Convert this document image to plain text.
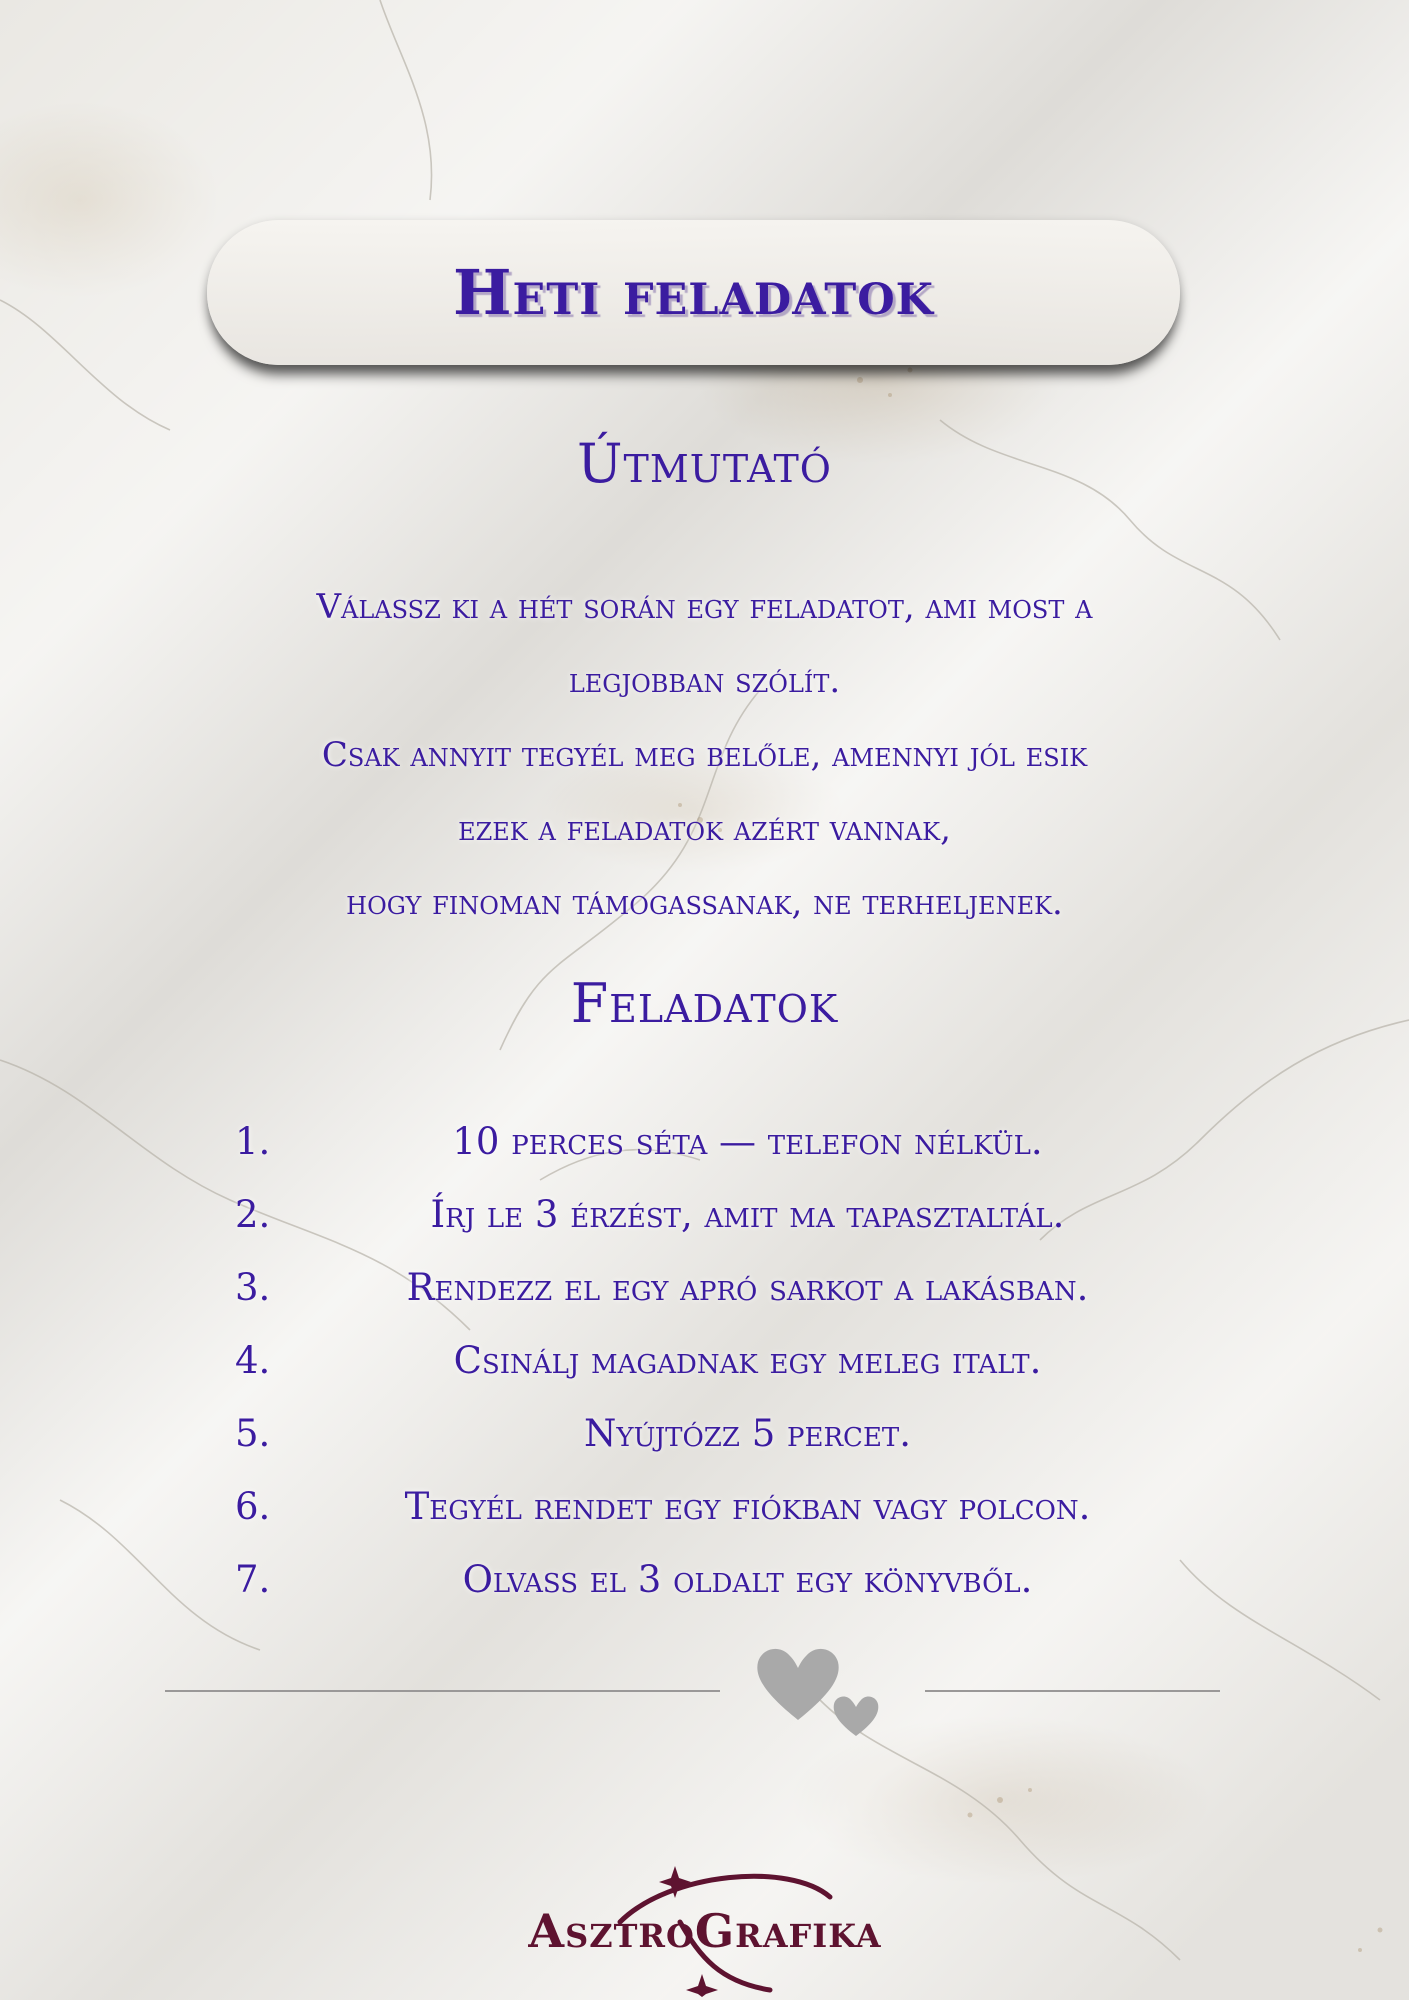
Heti feladatok
Útmutató
Válassz ki a hét során egy feladatot, ami most a
legjobban szólít.
Csak annyit tegyél meg belőle, amennyi jól esik
ezek a feladatok azért vannak,
hogy finoman támogassanak, ne terheljenek.
Feladatok
1.	10 perces séta — telefon nélkül.
2.	Írj le 3 érzést, amit ma tapasztaltál.
3.	Rendezz el egy apró sarkot a lakásban.
4.	Csinálj magadnak egy meleg italt.
5.	Nyújtózz 5 percet.
6.	Tegyél rendet egy fiókban vagy polcon.
7.	Olvass el 3 oldalt egy könyvből.
AsztroGrafika
